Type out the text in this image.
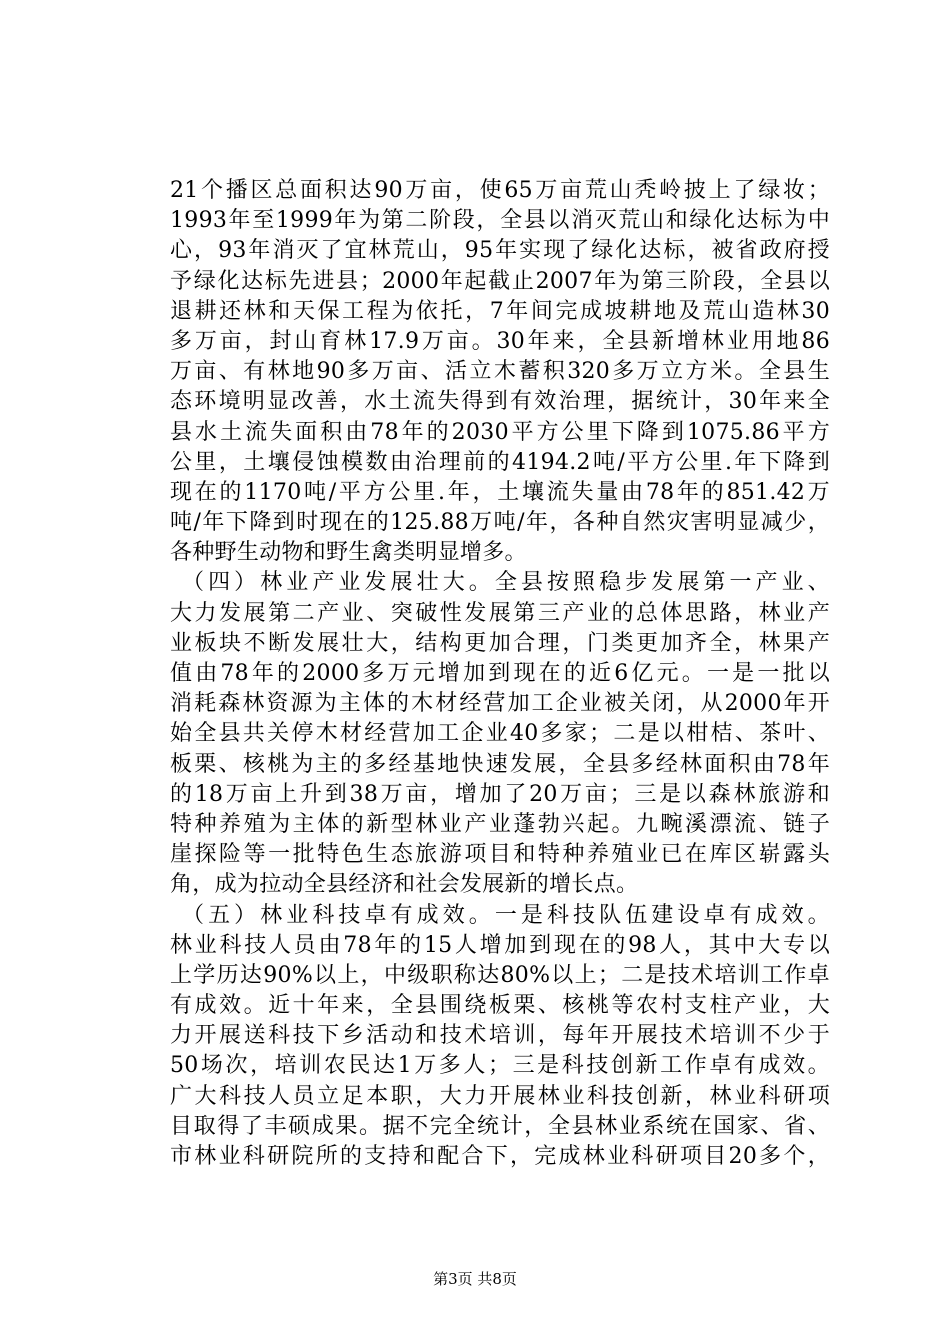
21个播区总面积达90万亩，使65万亩荒山秃岭披上了绿妆；
1993年至1999年为第二阶段，全县以消灭荒山和绿化达标为中
心，93年消灭了宜林荒山，95年实现了绿化达标，被省政府授
予绿化达标先进县；2000年起截止2007年为第三阶段，全县以
退耕还林和天保工程为依托，7年间完成坡耕地及荒山造林30
多万亩，封山育林17.9万亩。30年来，全县新增林业用地86
万亩、有林地90多万亩、活立木蓄积320多万立方米。全县生
态环境明显改善，水土流失得到有效治理，据统计，30年来全
县水土流失面积由78年的2030平方公里下降到1075.86平方
公里，土壤侵蚀模数由治理前的4194.2吨/平方公里.年下降到
现在的1170吨/平方公里.年，土壤流失量由78年的851.42万
吨/年下降到时现在的125.88万吨/年，各种自然灾害明显减少，
各种野生动物和野生禽类明显增多。
（四）林业产业发展壮大。全县按照稳步发展第一产业、
大力发展第二产业、突破性发展第三产业的总体思路，林业产
业板块不断发展壮大，结构更加合理，门类更加齐全，林果产
值由78年的2000多万元增加到现在的近6亿元。一是一批以
消耗森林资源为主体的木材经营加工企业被关闭，从2000年开
始全县共关停木材经营加工企业40多家；二是以柑桔、茶叶、
板栗、核桃为主的多经基地快速发展，全县多经林面积由78年
的18万亩上升到38万亩，增加了20万亩；三是以森林旅游和
特种养殖为主体的新型林业产业蓬勃兴起。九畹溪漂流、链子
崖探险等一批特色生态旅游项目和特种养殖业已在库区崭露头
角，成为拉动全县经济和社会发展新的增长点。
（五）林业科技卓有成效。一是科技队伍建设卓有成效。
林业科技人员由78年的15人增加到现在的98人，其中大专以
上学历达90%以上，中级职称达80%以上；二是技术培训工作卓
有成效。近十年来，全县围绕板栗、核桃等农村支柱产业，大
力开展送科技下乡活动和技术培训，每年开展技术培训不少于
50场次，培训农民达1万多人；三是科技创新工作卓有成效。
广大科技人员立足本职，大力开展林业科技创新，林业科研项
目取得了丰硕成果。据不完全统计，全县林业系统在国家、省、
市林业科研院所的支持和配合下，完成林业科研项目20多个，
第3页 共8页
